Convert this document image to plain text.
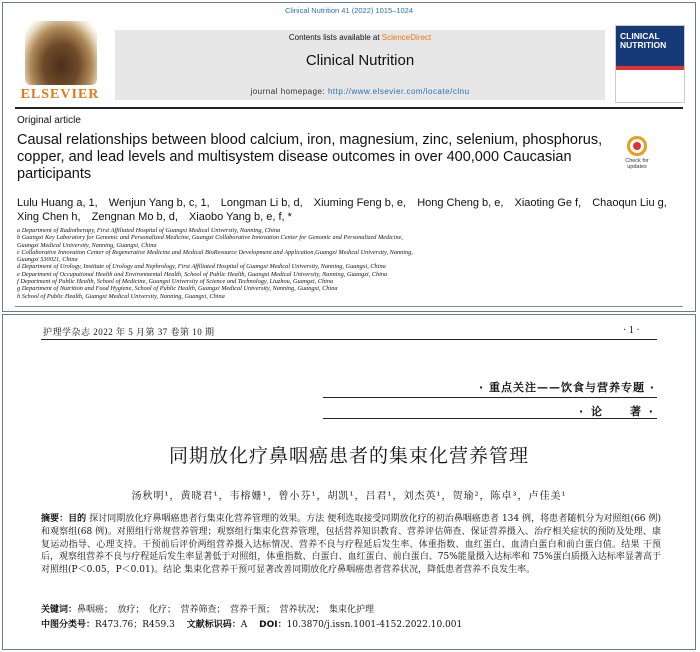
Clinical Nutrition 41 (2022) 1015–1024
ELSEVIER
Contents lists available at ScienceDirect
Clinical Nutrition
journal homepage: http://www.elsevier.com/locate/clnu
CLINICAL
NUTRITION
Original article
Causal relationships between blood calcium, iron, magnesium, zinc, selenium, phosphorus, copper, and lead levels and multisystem disease outcomes in over 400,000 Caucasian participants
Check for updates
Lulu Huang a, 1, Wenjun Yang b, c, 1, Longman Li b, d, Xiuming Feng b, e, Hong Cheng b, e, Xiaoting Ge f, Chaoqun Liu g, Xing Chen h, Zengnan Mo b, d, Xiaobo Yang b, e, f, *
a Department of Radiotherapy, First Affiliated Hospital of Guangxi Medical University, Nanning, China
b Guangxi Key Laboratory for Genomic and Personalized Medicine, Guangxi Collaborative Innovation Center for Genomic and Personalized Medicine,
Guangxi Medical University, Nanning, Guangxi, China
c Collaborative Innovation Center of Regenerative Medicine and Medical BioResource Development and Application,Guangxi Medical University, Nanning,
Guangxi 530021, China
d Department of Urology, Institute of Urology and Nephrology, First Affiliated Hospital of Guangxi Medical University, Nanning, Guangxi, China
e Department of Occupational Health and Environmental Health, School of Public Health, Guangxi Medical University, Nanning, Guangxi, China
f Department of Public Health, School of Medicine, Guangxi University of Science and Technology, Liuzhou, Guangxi, China
g Department of Nutrition and Food Hygiene, School of Public Health, Guangxi Medical University, Nanning, Guangxi, China
h School of Public Health, Guangxi Medical University, Nanning, Guangxi, China
护理学杂志 2022 年 5 月第 37 卷第 10 期	· 1 ·
· 重点关注——饮食与营养专题 ·
· 论　　著 ·
同期放化疗鼻咽癌患者的集束化营养管理
汤秋明¹，黄晓君¹，韦榕姗¹，曾小芬¹，胡凯¹，吕君¹，刘杰英¹，贺瑜²，陈卓³，卢佳美¹
摘要：目的 探讨同期放化疗鼻咽癌患者行集束化营养管理的效果。方法 便利选取接受同期放化疗的初治鼻咽癌患者 134 例，将患者随机分为对照组(66 例)和观察组(68 例)。对照组行常规营养管理；观察组行集束化营养管理，包括营养知识教育、营养评估筛查、保证营养摄入、治疗相关症状的预防及处理、康复运动指导、心理支持。干预前后评价两组营养摄入达标情况、营养不良与疗程延后发生率、体重指数、血红蛋白、血清白蛋白和前白蛋白值。结果 干预后，观察组营养不良与疗程延后发生率显著低于对照组，体重指数、白蛋白、血红蛋白、前白蛋白、75%能量摄入达标率和 75%蛋白质摄入达标率显著高于对照组(P＜0.05，P＜0.01)。结论 集束化营养干预可显著改善同期放化疗鼻咽癌患者营养状况，降低患者营养不良发生率。
关键词：鼻咽癌；　放疗；　化疗；　营养筛查；　营养干预；　营养状况；　集束化护理
中图分类号：R473.76；R459.3　 文献标识码：A　 DOI：10.3870/j.issn.1001-4152.2022.10.001
